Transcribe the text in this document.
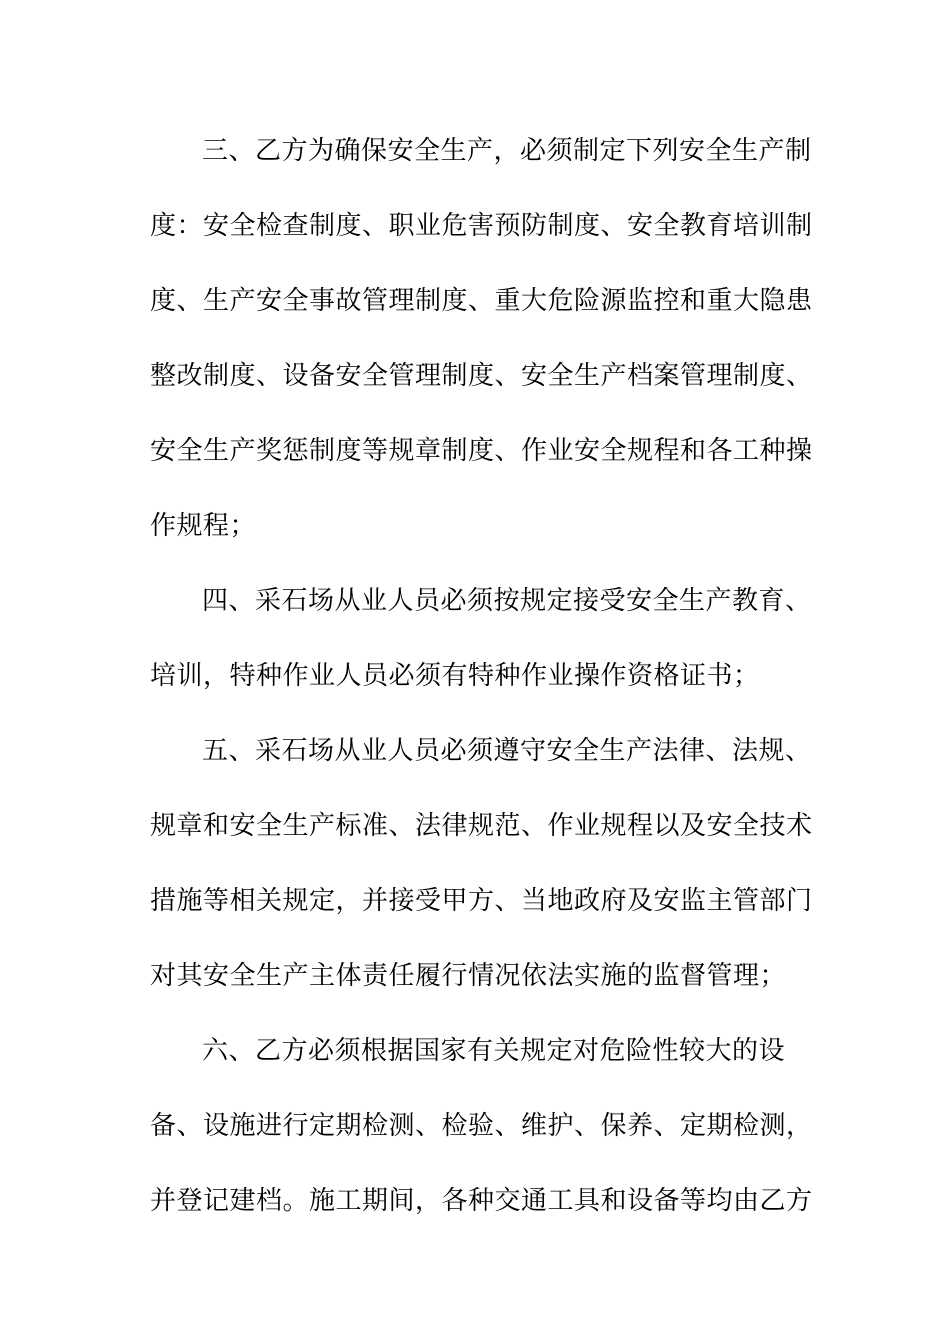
三、乙方为确保安全生产，必须制定下列安全生产制
度：安全检查制度、职业危害预防制度、安全教育培训制
度、生产安全事故管理制度、重大危险源监控和重大隐患
整改制度、设备安全管理制度、安全生产档案管理制度、
安全生产奖惩制度等规章制度、作业安全规程和各工种操
作规程；
四、采石场从业人员必须按规定接受安全生产教育、
培训，特种作业人员必须有特种作业操作资格证书；
五、采石场从业人员必须遵守安全生产法律、法规、
规章和安全生产标准、法律规范、作业规程以及安全技术
措施等相关规定，并接受甲方、当地政府及安监主管部门
对其安全生产主体责任履行情况依法实施的监督管理；
六、乙方必须根据国家有关规定对危险性较大的设
备、设施进行定期检测、检验、维护、保养、定期检测，
并登记建档。施工期间，各种交通工具和设备等均由乙方
